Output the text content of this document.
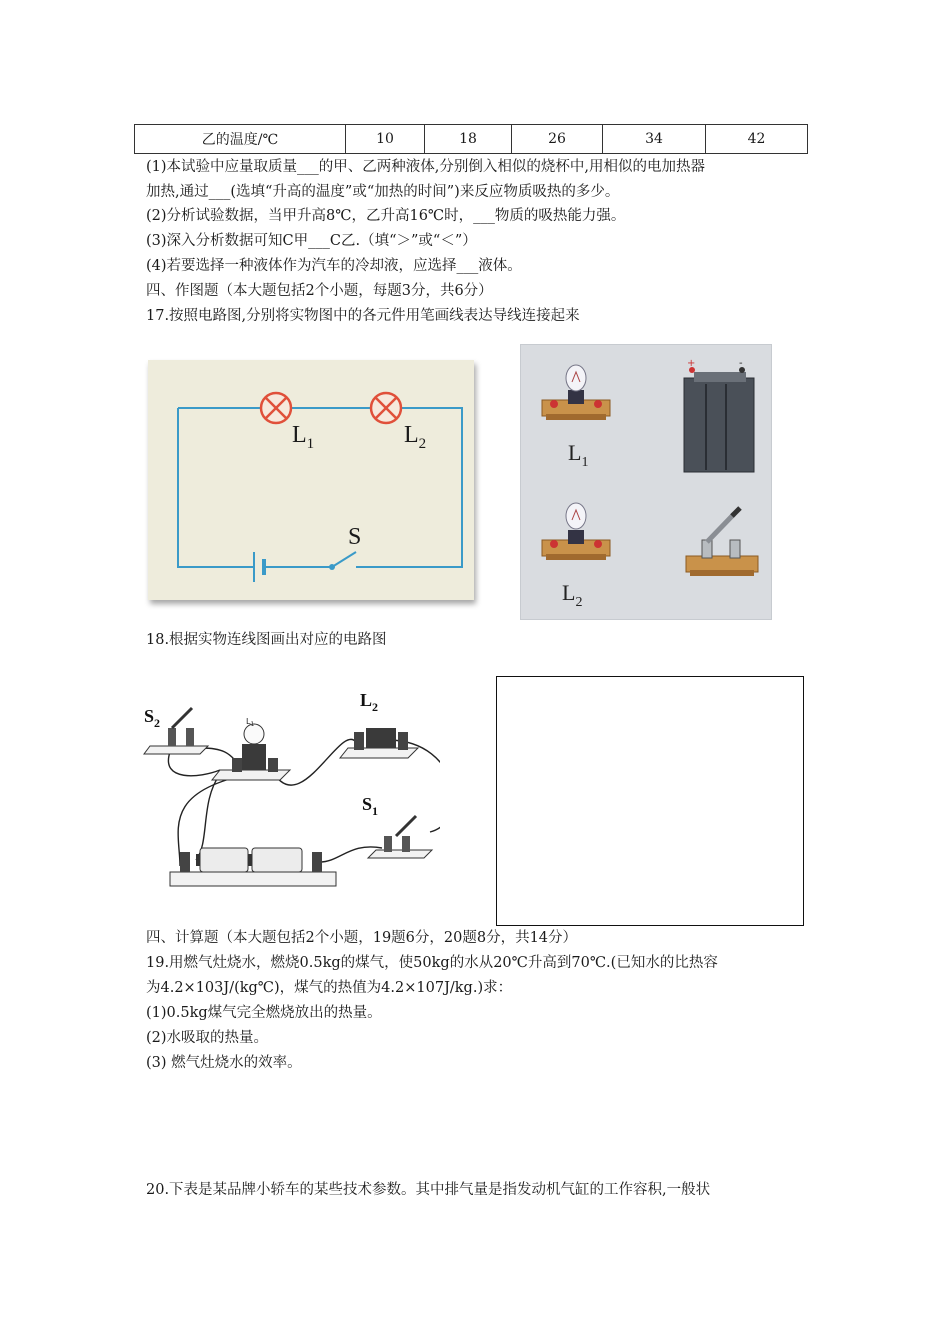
乙的温度/℃	10	18	26	34	42
(1)本试验中应量取质量___的甲、乙两种液体,分别倒入相似的烧杯中,用相似的电加热器
加热,通过___(选填“升高的温度”或“加热的时间”)来反应物质吸热的多少。
(2)分析试验数据，当甲升高8℃，乙升高16℃时，___物质的吸热能力强。
(3)深入分析数据可知C甲___C乙.（填“＞”或“＜”）
(4)若要选择一种液体作为汽车的冷却液，应选择___液体。
四、作图题（本大题包括2个小题，每题3分，共6分）
17.按照电路图,分别将实物图中的各元件用笔画线表达导线连接起来
$L_1$	$L_2$
S
$L_1$
+	-
$L_2$
18.根据实物连线图画出对应的电路图
$S_2$	$L_1$
$L_2$
$S_1$
四、计算题（本大题包括2个小题，19题6分，20题8分，共14分）
19.用燃气灶烧水，燃烧0.5kg的煤气，使50kg的水从20℃升高到70℃.(已知水的比热容
为4.2×103J/(kg℃)，煤气的热值为4.2×107J/kg.)求：
(1)0.5kg煤气完全燃烧放出的热量。
(2)水吸取的热量。
(3) 燃气灶烧水的效率。
20.下表是某品牌小轿车的某些技术参数。其中排气量是指发动机气缸的工作容积,一般状
